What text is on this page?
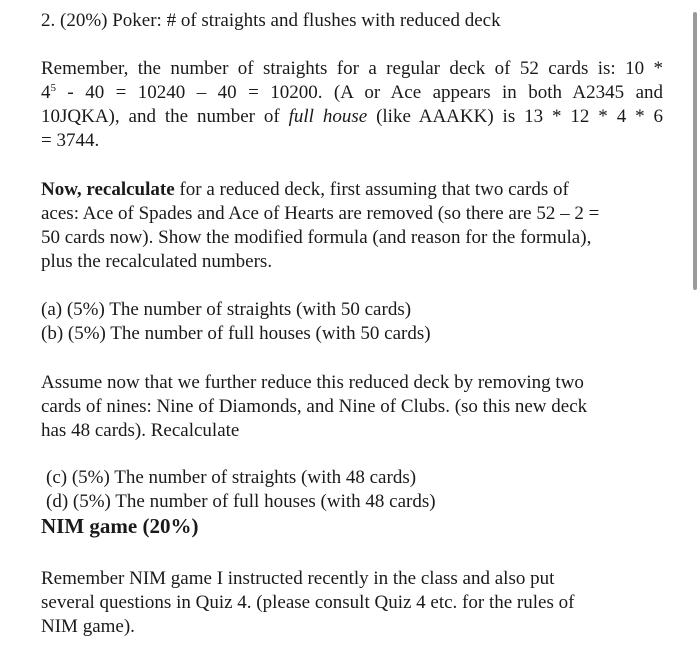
2. (20%) Poker: # of straights and flushes with reduced deck
Remember, the number of straights for a regular deck of 52 cards is: 10 *
$4^5 - 40 = 10240 - 40 = 10200$. (A or Ace appears in both A2345 and
10JQKA), and the number of full house (like AAAKK) is 13 * 12 * 4 * 6
= 3744.
Now, recalculate for a reduced deck, first assuming that two cards of
aces: Ace of Spades and Ace of Hearts are removed (so there are 52 – 2 =
50 cards now). Show the modified formula (and reason for the formula),
plus the recalculated numbers.
(a) (5%) The number of straights (with 50 cards)
(b) (5%) The number of full houses (with 50 cards)
Assume now that we further reduce this reduced deck by removing two
cards of nines: Nine of Diamonds, and Nine of Clubs. (so this new deck
has 48 cards). Recalculate
(c) (5%) The number of straights (with 48 cards)
(d) (5%) The number of full houses (with 48 cards)
NIM game (20%)
Remember NIM game I instructed recently in the class and also put
several questions in Quiz 4. (please consult Quiz 4 etc. for the rules of
NIM game).
